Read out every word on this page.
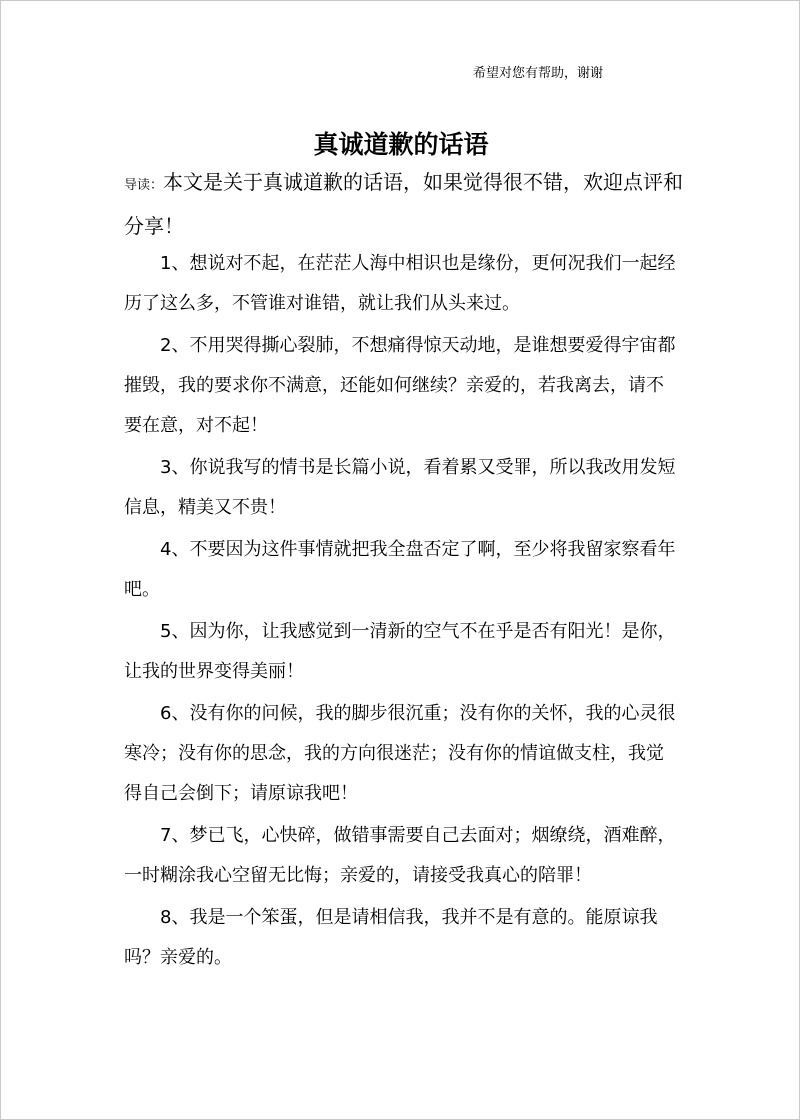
希望对您有帮助，谢谢

真诚道歉的话语

导读：本文是关于真诚道歉的话语，如果觉得很不错，欢迎点评和分享！

1、想说对不起，在茫茫人海中相识也是缘份，更何况我们一起经历了这么多，不管谁对谁错，就让我们从头来过。

2、不用哭得撕心裂肺，不想痛得惊天动地，是谁想要爱得宇宙都摧毁，我的要求你不满意，还能如何继续？亲爱的，若我离去，请不要在意，对不起！

3、你说我写的情书是长篇小说，看着累又受罪，所以我改用发短信息，精美又不贵！

4、不要因为这件事情就把我全盘否定了啊，至少将我留家察看年吧。

5、因为你，让我感觉到一清新的空气不在乎是否有阳光！是你，让我的世界变得美丽！

6、没有你的问候，我的脚步很沉重；没有你的关怀，我的心灵很寒冷；没有你的思念，我的方向很迷茫；没有你的情谊做支柱，我觉得自己会倒下；请原谅我吧！

7、梦已飞，心快碎，做错事需要自己去面对；烟缭绕，酒难醉，一时糊涂我心空留无比悔；亲爱的，请接受我真心的陪罪！

8、我是一个笨蛋，但是请相信我，我并不是有意的。能原谅我吗？亲爱的。
